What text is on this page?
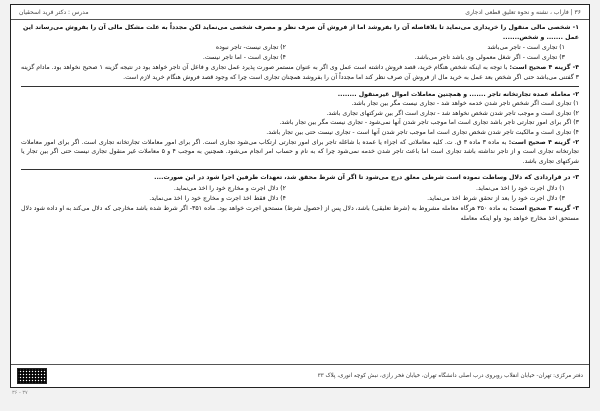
۳۶ | فاراب ، نشنه و نحوه تعلیق قطعی ادجاری
مدرس : دکتر فرید اسحقیان
۱- شخصی مالی منقول را خریداری می‌نماید تا بلافاصله آن را بفروشد اما از فروش آن صرف نظر و مصرف شخصی می‌نماید لکن مجدداً به علت مشکل مالی آن را بفروش می‌رساند این عمل ....... و شخص.......
۱) تجاری است - تاجر می‌باشد
۲) تجاری نیست- تاجر نبوده
۳) تجاری است - اگر شغل معمولی وی باشد تاجر می‌باشد.
۴) تجاری است - اما تاجر نیست.
۴- گزینه ۴ صحیح است: با توجه به اینکه شخص هنگام خرید، قصد فروش داشته است عمل وی اگر به عنوان مستمر صورت پذیرد عمل تجاری و فاعل آن تاجر خواهد بود در نتیجه گزینه ۱ صحیح نخواهد بود. مادام گزینه ۳ گفتنی می‌باشد حتی اگر شخص بعد عمل به خرید مال از فروش آن صرف نظر کند اما مجدداً آن را بفروشد همچنان تجاری است چرا که وجود قصد فروش هنگام خرید لازم است.
۲- معامله عمده تجارتخانه تاجر ....... و همچنین معاملات اموال غیرمنقول ........
۱) تجاری است اگر شخص تاجر شدن خدمه خواهد شد - تجاری نیست مگر بین تجار باشد.
۲) تجاری است و موجب تاجر شدن شخص نخواهد شد - تجاری است اگر بین شرکتهای تجاری باشد.
۳) اگر برای امور تجارتی تاجر باشد تجاری است اما موجب تاجر شدن آنها نمی‌شود - تجاری نیست مگر بین تجار باشد.
۴) تجاری است و مالکیت تاجر شدن شخص تجاری است اما موجب تاجر شدن آنها است - تجاری نیست حتی بین تجار باشد.
۲- گزینه ۴ صحیح است: به ماده ۳ ماده ۳ ق. ت. کلیه معاملاتی که اجزاء یا عمده با شاغله تاجر برای امور تجارتی ارتکاب می‌شود تجاری است. اگر برای امور معاملات تجارتخانه تجاری است. اگر برای امور معاملات تجارتخانه تجاری است و از تاجر نداشته باشد تجاری است اما باعث تاجر شدن خدمه نمی‌شود چرا که به نام و حساب امر انجام می‌شود. همچنین به موجب ۴ و ۵ معاملات غیر منقول تجاری نیست حتی اگر بین تجار یا شرکتهای تجاری باشد.
۳- در قراردادی که دلال وساطت نموده است شرطی معلق درج می‌شود تا اگر آن شرط محقق شد، تعهدات طرفین اجرا شود در این صورت....
۱) دلال اجرت خود را اخذ می‌نماید.
۲) دلال اجرت و مخارج خود را اخذ می‌نماید.
۳) دلال اجرت خود را بعد از تحقق شرط اخذ می‌نماید.
۴) دلال فقط اخذ اجرت و مخارج خود را اخذ می‌نماید.
۳- گزینه ۳ صحیح است: به ماده ۳۵۰ هرگاه معامله مشروط به (شرط تعلیقی) باشد، دلال پس از (حصول شرط) مستحق اجرت خواهد بود. ماده ۳۵۱- اگر شرط شده باشد مخارجی که دلال می‌کند به او داده شود دلال مستحق اخذ مخارج خواهد بود ولو اینکه معامله
دفتر مرکزی: تهران- خیابان انقلاب روبروی درب اصلی دانشگاه تهران، خیابان فخر رازی، نبش کوچه انوری، پلاک ۳۳
۳۶ - ۳۷
